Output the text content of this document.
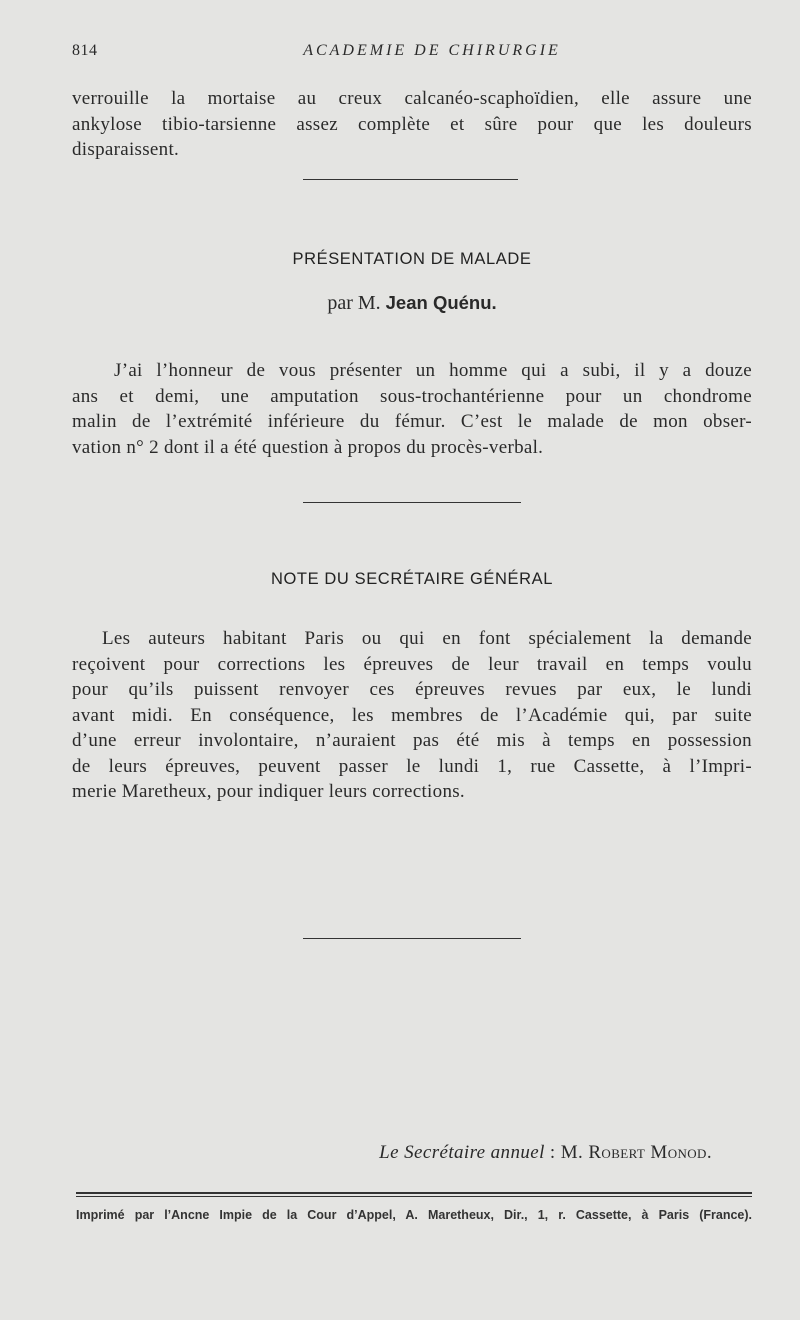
814	ACADEMIE DE CHIRURGIE
verrouille la mortaise au creux calcanéo-scaphoïdien, elle assure une
ankylose tibio-tarsienne assez complète et sûre pour que les douleurs
disparaissent.
PRÉSENTATION DE MALADE
par M. Jean Quénu.
J’ai l’honneur de vous présenter un homme qui a subi, il y a douze
ans et demi, une amputation sous-trochantérienne pour un chondrome
malin de l’extrémité inférieure du fémur. C’est le malade de mon obser-
vation n° 2 dont il a été question à propos du procès-verbal.
NOTE DU SECRÉTAIRE GÉNÉRAL
Les auteurs habitant Paris ou qui en font spécialement la demande
reçoivent pour corrections les épreuves de leur travail en temps voulu
pour qu’ils puissent renvoyer ces épreuves revues par eux, le lundi
avant midi. En conséquence, les membres de l’Académie qui, par suite
d’une erreur involontaire, n’auraient pas été mis à temps en possession
de leurs épreuves, peuvent passer le lundi 1, rue Cassette, à l’Impri-
merie Maretheux, pour indiquer leurs corrections.
Le Secrétaire annuel : M. Robert Monod.
Imprimé par l’Ancne Impie de la Cour d’Appel, A. Maretheux, Dir., 1, r. Cassette, à Paris (France).
